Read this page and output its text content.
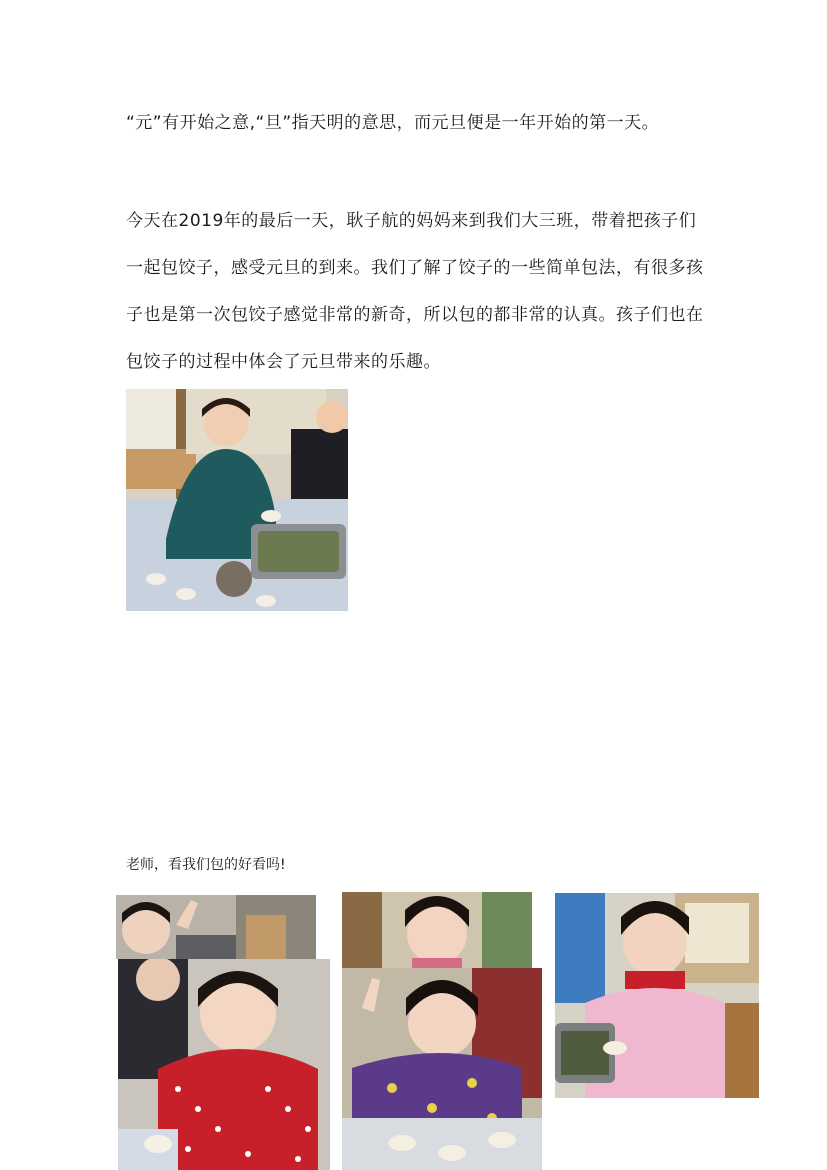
“元”有开始之意,“旦”指天明的意思，而元旦便是一年开始的第一天。

今天在2019年的最后一天，耿子航的妈妈来到我们大三班，带着把孩子们一起包饺子，感受元旦的到来。我们了解了饺子的一些简单包法，有很多孩子也是第一次包饺子感觉非常的新奇，所以包的都非常的认真。孩子们也在包饺子的过程中体会了元旦带来的乐趣。

老师，看我们包的好看吗!
